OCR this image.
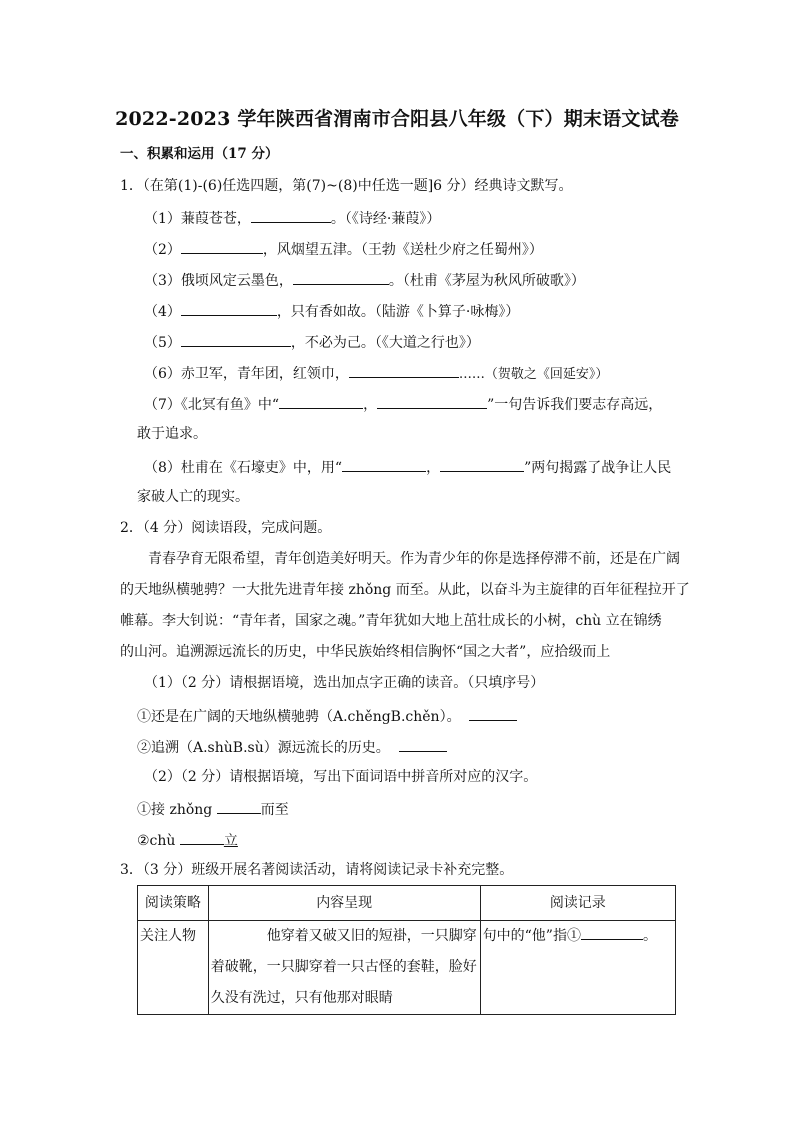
2022-2023 学年陕西省渭南市合阳县八年级（下）期末语文试卷
一、积累和运用（17 分）
1．（在第(1)-(6)任选四题，第(7)~(8)中任选一题]6 分）经典诗文默写。
（1）蒹葭苍苍，	。（《诗经·蒹葭》）
（2）	，风烟望五津。（王勃《送杜少府之任蜀州》）
（3）俄顷风定云墨色，	。（杜甫《茅屋为秋风所破歌》）
（4）	，只有香如故。（陆游《卜算子·咏梅》）
（5）	，不必为己。（《大道之行也》）
（6）赤卫军，青年团，红领巾，	……（贺敬之《回延安》）
（7）《北冥有鱼》中“	，	”一句告诉我们要志存高远，
敢于追求。
（8）杜甫在《石壕吏》中，用“	，	”两句揭露了战争让人民
家破人亡的现实。
2．（4 分）阅读语段，完成问题。
青春孕育无限希望，青年创造美好明天。作为青少年的你是选择停滞不前，还是在广阔
的天地纵横驰骋？一大批先进青年接 zhǒng 而至。从此，以奋斗为主旋律的百年征程拉开了
帷幕。李大钊说：“青年者，国家之魂。”青年犹如大地上茁壮成长的小树，chù 立在锦绣
的山河。追溯源远流长的历史，中华民族始终相信胸怀“国之大者”，应拾级而上
（1）（2 分）请根据语境，选出加点字正确的读音。（只填序号）
①还是在广阔的天地纵横驰骋（A.chěngB.chěn）。
②追溯（A.shùB.sù）源远流长的历史。
（2）（2 分）请根据语境，写出下面词语中拼音所对应的汉字。
①接 zhǒng	而至
②chù	立
3．（3 分）班级开展名著阅读活动，请将阅读记录卡补充完整。
阅读策略	内容呈现	阅读记录
关注人物	他穿着又破又旧的短褂，一只脚穿
着破靴，一只脚穿着一只古怪的套鞋，脸好
久没有洗过，只有他那对眼睛	句中的“他”指① 。
